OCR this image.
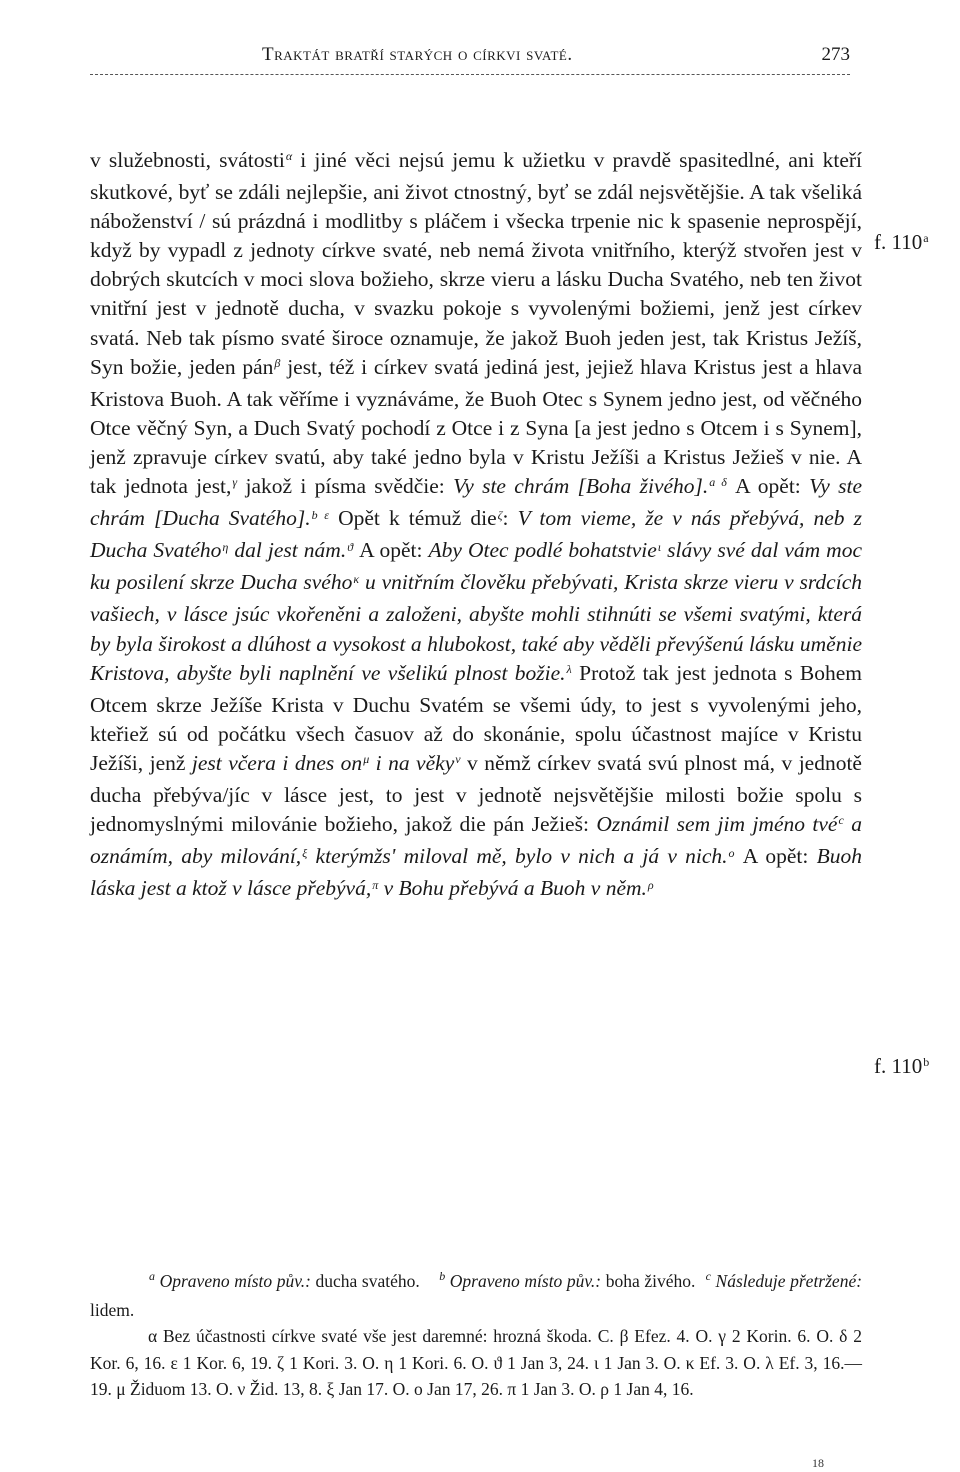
Traktát bratří starých o církvi svaté.	273
f. 110$^a$
f. 110$^b$

v služebnosti, svátosti$^\alpha$ i jiné věci nejsú jemu k užietku v pravdě spasitedlné, ani kteří skutkové, byť se zdáli nejlepšie, ani život ctnostný, byť se zdál nejsvětějšie. A tak všeliká náboženství / sú prázdná i modlitby s pláčem i všecka trpenie nic k spasenie neprospějí, když by vypadl z jednoty církve svaté, neb nemá života vnitřního, kterýž stvořen jest v dobrých skutcích v moci slova božieho, skrze vieru a lásku Ducha Svatého, neb ten život vnitřní jest v jednotě ducha, v svazku pokoje s vyvolenými božiemi, jenž jest církev svatá. Neb tak písmo svaté široce oznamuje, že jakož Buoh jeden jest, tak Kristus Ježíš, Syn božie, jeden pán$^\beta$ jest, též i církev svatá jediná jest, jejiež hlava Kristus jest a hlava Kristova Buoh. A tak věříme i vyznáváme, že Buoh Otec s Synem jedno jest, od věčného Otce věčný Syn, a Duch Svatý pochodí z Otce i z Syna [a jest jedno s Otcem i s Synem], jenž zpravuje církev svatú, aby také jedno byla v Kristu Ježíši a Kristus Ježieš v nie. A tak jednota jest,$^\gamma$ jakož i písma svědčie: Vy ste chrám [Boha živého].$^{a \delta}$ A opět: Vy ste chrám [Ducha Svatého].$^{b \varepsilon}$ Opět k témuž die$^\zeta$: V tom vieme, že v nás přebývá, neb z Ducha Svatého$^\eta$ dal jest nám.$^ϑ$ A opět: Aby Otec podlé bohatstvie$^\iota$ slávy své dal vám moc ku posilení skrze Ducha svého$^\kappa$ u vnitřním člověku přebývati, Krista skrze vieru v srdcích vašiech, v lásce jsúc vkořeněni a založeni, abyšte mohli stihnúti se všemi svatými, která by byla širokost a dlúhost a vysokost a hlubokost, také aby věděli převýšenú lásku uměnie Kristova, abyšte byli naplnění ve všelikú plnost božie.$^\lambda$ Protož tak jest jednota s Bohem Otcem skrze Ježíše Krista v Duchu Svatém se všemi údy, to jest s vyvolenými jeho, kteřiež sú od počátku všech časuov až do skonánie, spolu účastnost majíce v Kristu Ježíši, jenž jest včera i dnes $on^\mu$ i na věky$^\nu$ v němž církev svatá svú plnost má, v jednotě ducha přebýva/jíc v lásce jest, to jest v jednotě nejsvětějšie milosti božie spolu s jednomyslnými milovánie božieho, jakož die pán Ježieš: Oznámil sem jim jméno tvé$^c$ a oznámím, aby milování,$^\xi$ kterýmžs' miloval mě, bylo v nich a já v nich.$^o$ A opět: Buoh láska jest a ktož v lásce přebývá,$^\pi$ v Bohu přebývá a Buoh v něm.$^\rho$

$^a$ Opraveno místo pův.: ducha svatého. $^b$ Opraveno místo pův.: boha živého. $^c$ Následuje přetržené: lidem.

α Bez účastnosti církve svaté vše jest daremné: hrozná škoda. C. β Efez. 4. O. γ 2 Korin. 6. O. δ 2 Kor. 6, 16. ε 1 Kor. 6, 19. ζ 1 Kori. 3. O. η 1 Kori. 6. O. ϑ 1 Jan 3, 24. ι 1 Jan 3. O. κ Ef. 3. O. λ Ef. 3, 16.—19. μ Židuom 13. O. ν Žid. 13, 8. ξ Jan 17. O. ο Jan 17, 26. π 1 Jan 3. O. ρ 1 Jan 4, 16.

18
